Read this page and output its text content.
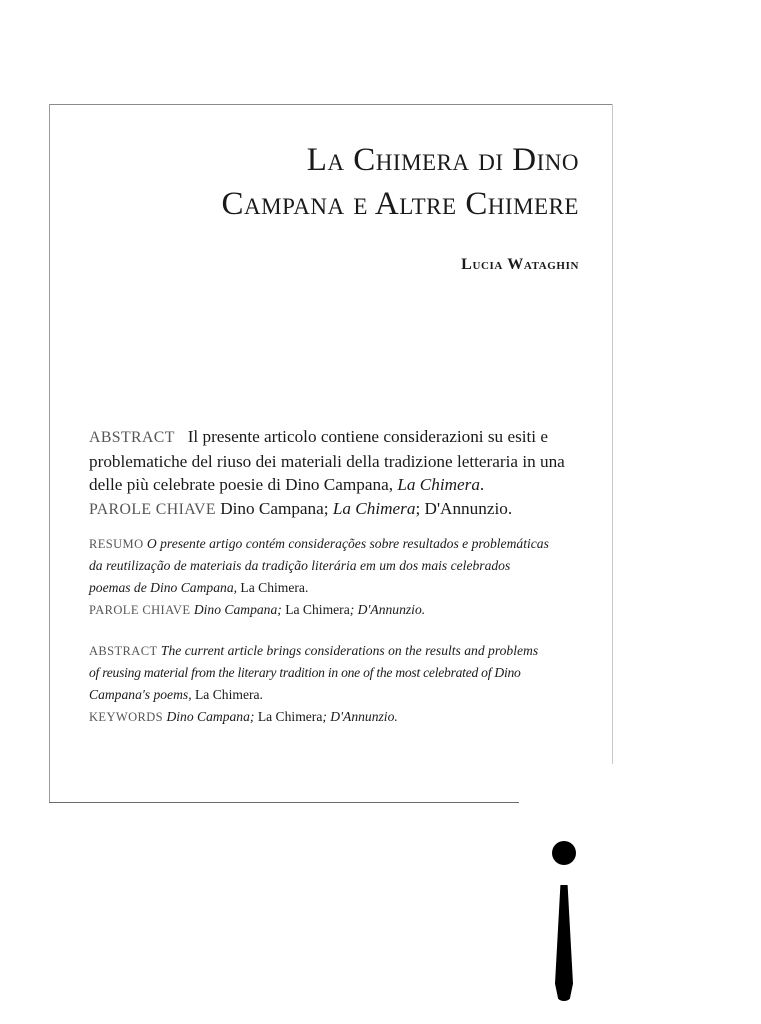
La Chimera di Dino
Campana e Altre Chimere
Lucia Wataghin
ABSTRACT Il presente articolo contiene considerazioni su esiti e
problematiche del riuso dei materiali della tradizione letteraria in una
delle più celebrate poesie di Dino Campana, La Chimera.
PAROLE CHIAVE Dino Campana; La Chimera; D'Annunzio.
RESUMO O presente artigo contém considerações sobre resultados e problemáticas
da reutilização de materiais da tradição literária em um dos mais celebrados
poemas de Dino Campana, La Chimera.
PAROLE CHIAVE Dino Campana; La Chimera; D'Annunzio.
ABSTRACT The current article brings considerations on the results and problems
of reusing material from the literary tradition in one of the most celebrated of Dino
Campana's poems, La Chimera.
KEYWORDS Dino Campana; La Chimera; D'Annunzio.
